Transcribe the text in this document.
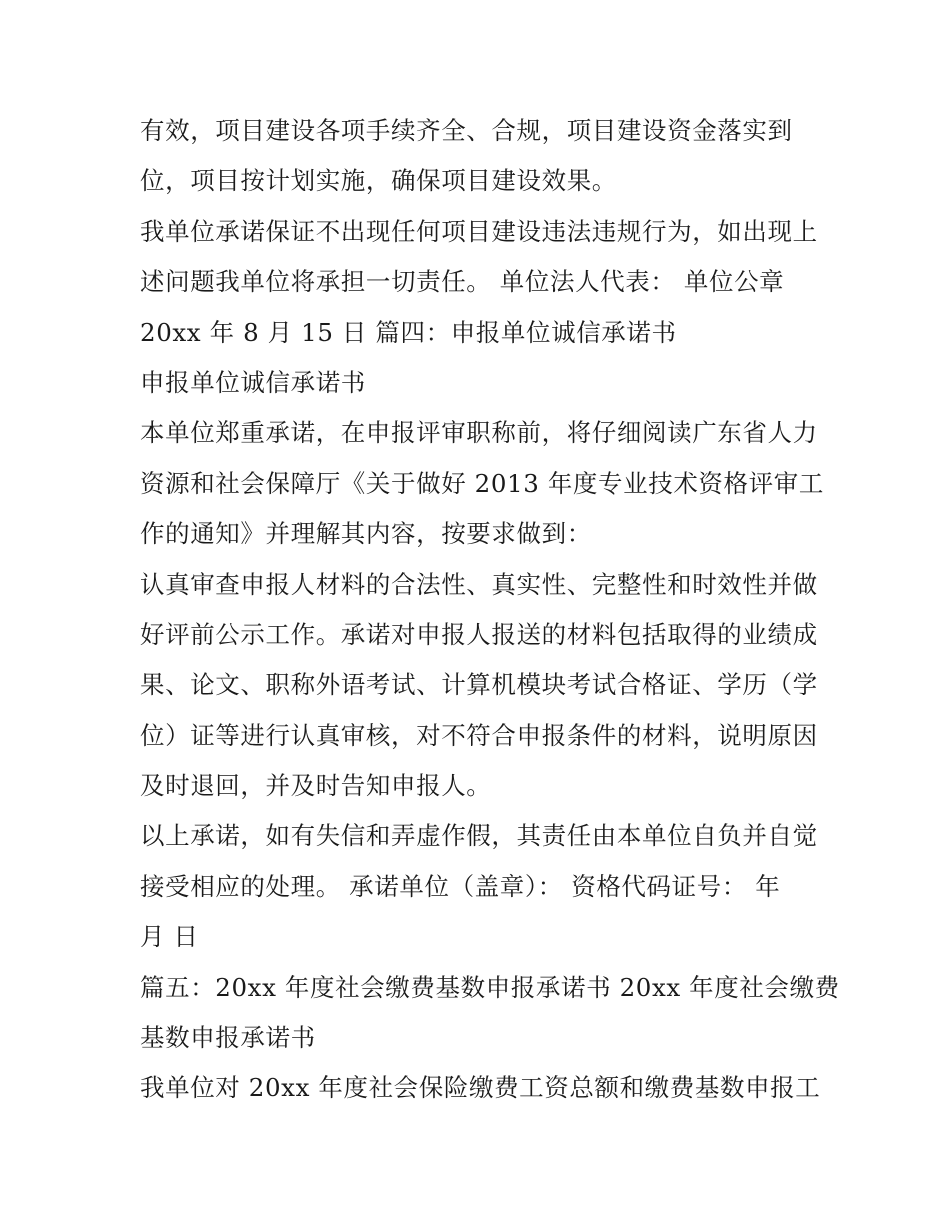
有效，项目建设各项手续齐全、合规，项目建设资金落实到
位，项目按计划实施，确保项目建设效果。
我单位承诺保证不出现任何项目建设违法违规行为，如出现上
述问题我单位将承担一切责任。 单位法人代表： 单位公章
20xx 年 8 月 15 日 篇四：申报单位诚信承诺书
申报单位诚信承诺书
本单位郑重承诺，在申报评审职称前，将仔细阅读广东省人力
资源和社会保障厅《关于做好 2013 年度专业技术资格评审工
作的通知》并理解其内容，按要求做到：
认真审查申报人材料的合法性、真实性、完整性和时效性并做
好评前公示工作。承诺对申报人报送的材料包括取得的业绩成
果、论文、职称外语考试、计算机模块考试合格证、学历（学
位）证等进行认真审核，对不符合申报条件的材料，说明原因
及时退回，并及时告知申报人。
以上承诺，如有失信和弄虚作假，其责任由本单位自负并自觉
接受相应的处理。 承诺单位（盖章）： 资格代码证号： 年
月 日
篇五：20xx 年度社会缴费基数申报承诺书 20xx 年度社会缴费
基数申报承诺书
我单位对 20xx 年度社会保险缴费工资总额和缴费基数申报工
